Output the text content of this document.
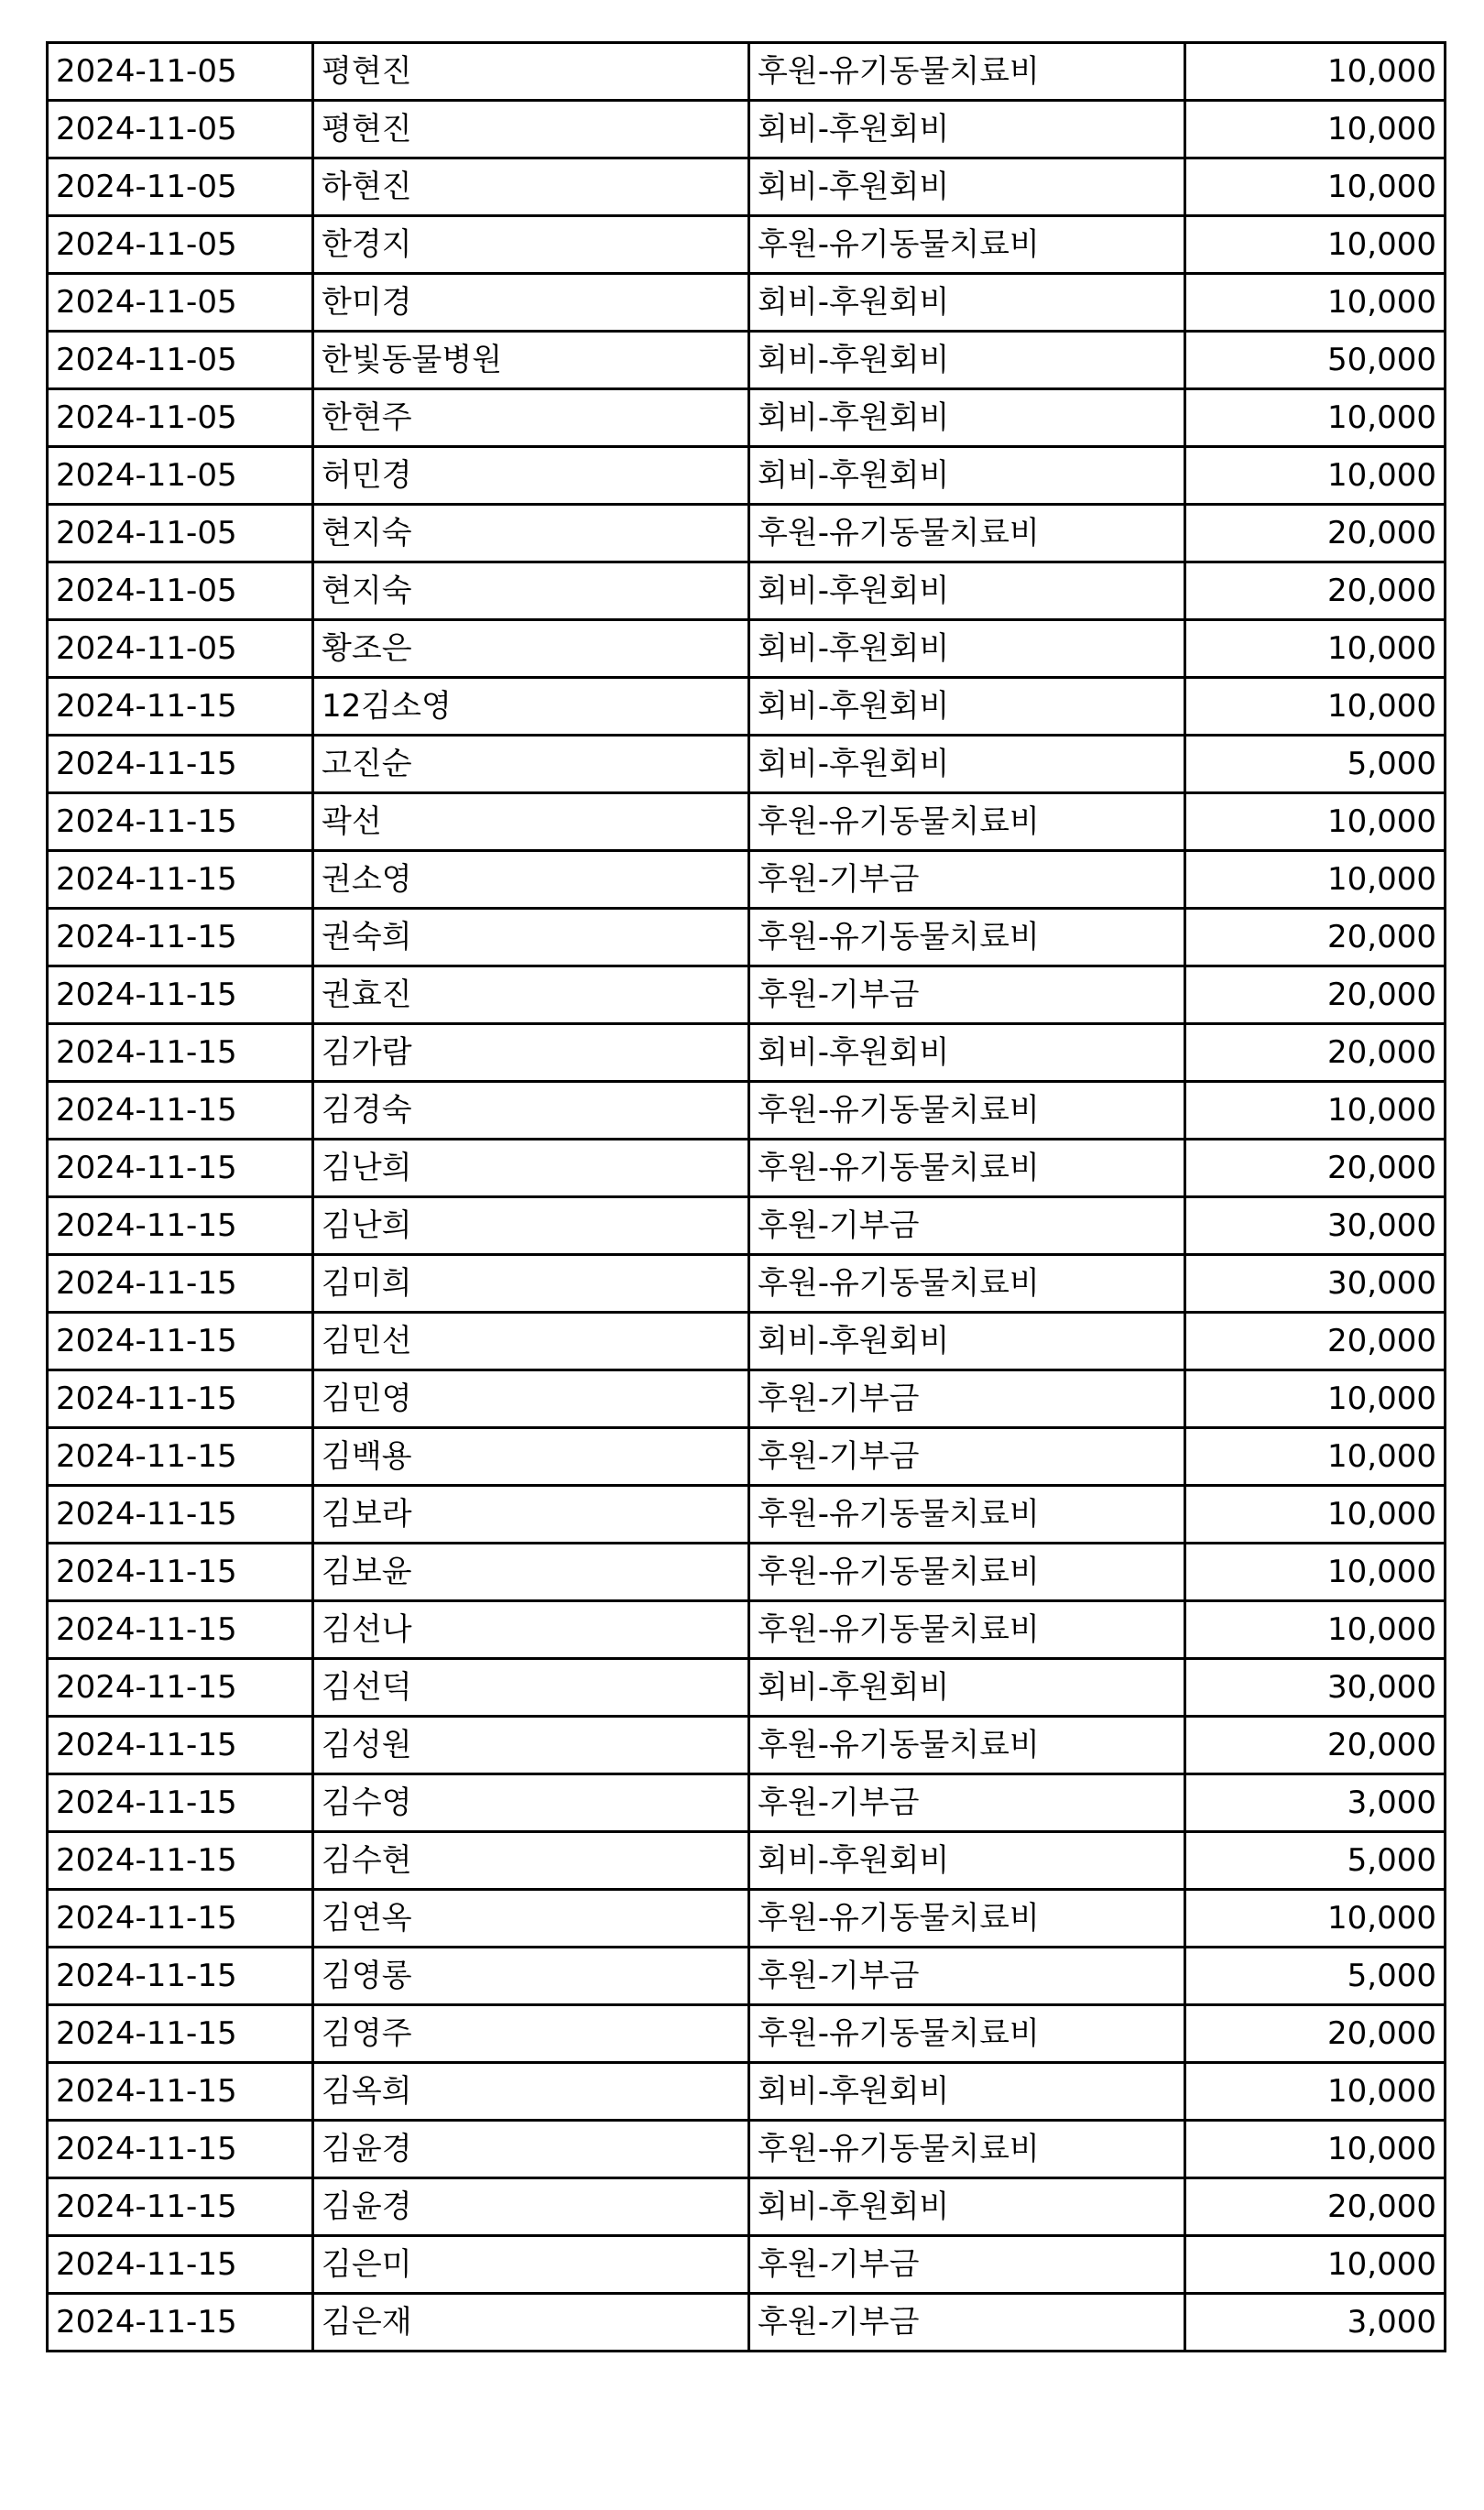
2024-11-05	평현진	후원-유기동물치료비	10,000
2024-11-05	평현진	회비-후원회비	10,000
2024-11-05	하현진	회비-후원회비	10,000
2024-11-05	한경지	후원-유기동물치료비	10,000
2024-11-05	한미경	회비-후원회비	10,000
2024-11-05	한빛동물병원	회비-후원회비	50,000
2024-11-05	한현주	회비-후원회비	10,000
2024-11-05	허민경	회비-후원회비	10,000
2024-11-05	현지숙	후원-유기동물치료비	20,000
2024-11-05	현지숙	회비-후원회비	20,000
2024-11-05	황조은	회비-후원회비	10,000
2024-11-15	12김소영	회비-후원회비	10,000
2024-11-15	고진순	회비-후원회비	5,000
2024-11-15	곽선	후원-유기동물치료비	10,000
2024-11-15	권소영	후원-기부금	10,000
2024-11-15	권숙희	후원-유기동물치료비	20,000
2024-11-15	권효진	후원-기부금	20,000
2024-11-15	김가람	회비-후원회비	20,000
2024-11-15	김경숙	후원-유기동물치료비	10,000
2024-11-15	김난희	후원-유기동물치료비	20,000
2024-11-15	김난희	후원-기부금	30,000
2024-11-15	김미희	후원-유기동물치료비	30,000
2024-11-15	김민선	회비-후원회비	20,000
2024-11-15	김민영	후원-기부금	10,000
2024-11-15	김백용	후원-기부금	10,000
2024-11-15	김보라	후원-유기동물치료비	10,000
2024-11-15	김보윤	후원-유기동물치료비	10,000
2024-11-15	김선나	후원-유기동물치료비	10,000
2024-11-15	김선덕	회비-후원회비	30,000
2024-11-15	김성원	후원-유기동물치료비	20,000
2024-11-15	김수영	후원-기부금	3,000
2024-11-15	김수현	회비-후원회비	5,000
2024-11-15	김연옥	후원-유기동물치료비	10,000
2024-11-15	김영롱	후원-기부금	5,000
2024-11-15	김영주	후원-유기동물치료비	20,000
2024-11-15	김옥희	회비-후원회비	10,000
2024-11-15	김윤경	후원-유기동물치료비	10,000
2024-11-15	김윤경	회비-후원회비	20,000
2024-11-15	김은미	후원-기부금	10,000
2024-11-15	김은재	후원-기부금	3,000
